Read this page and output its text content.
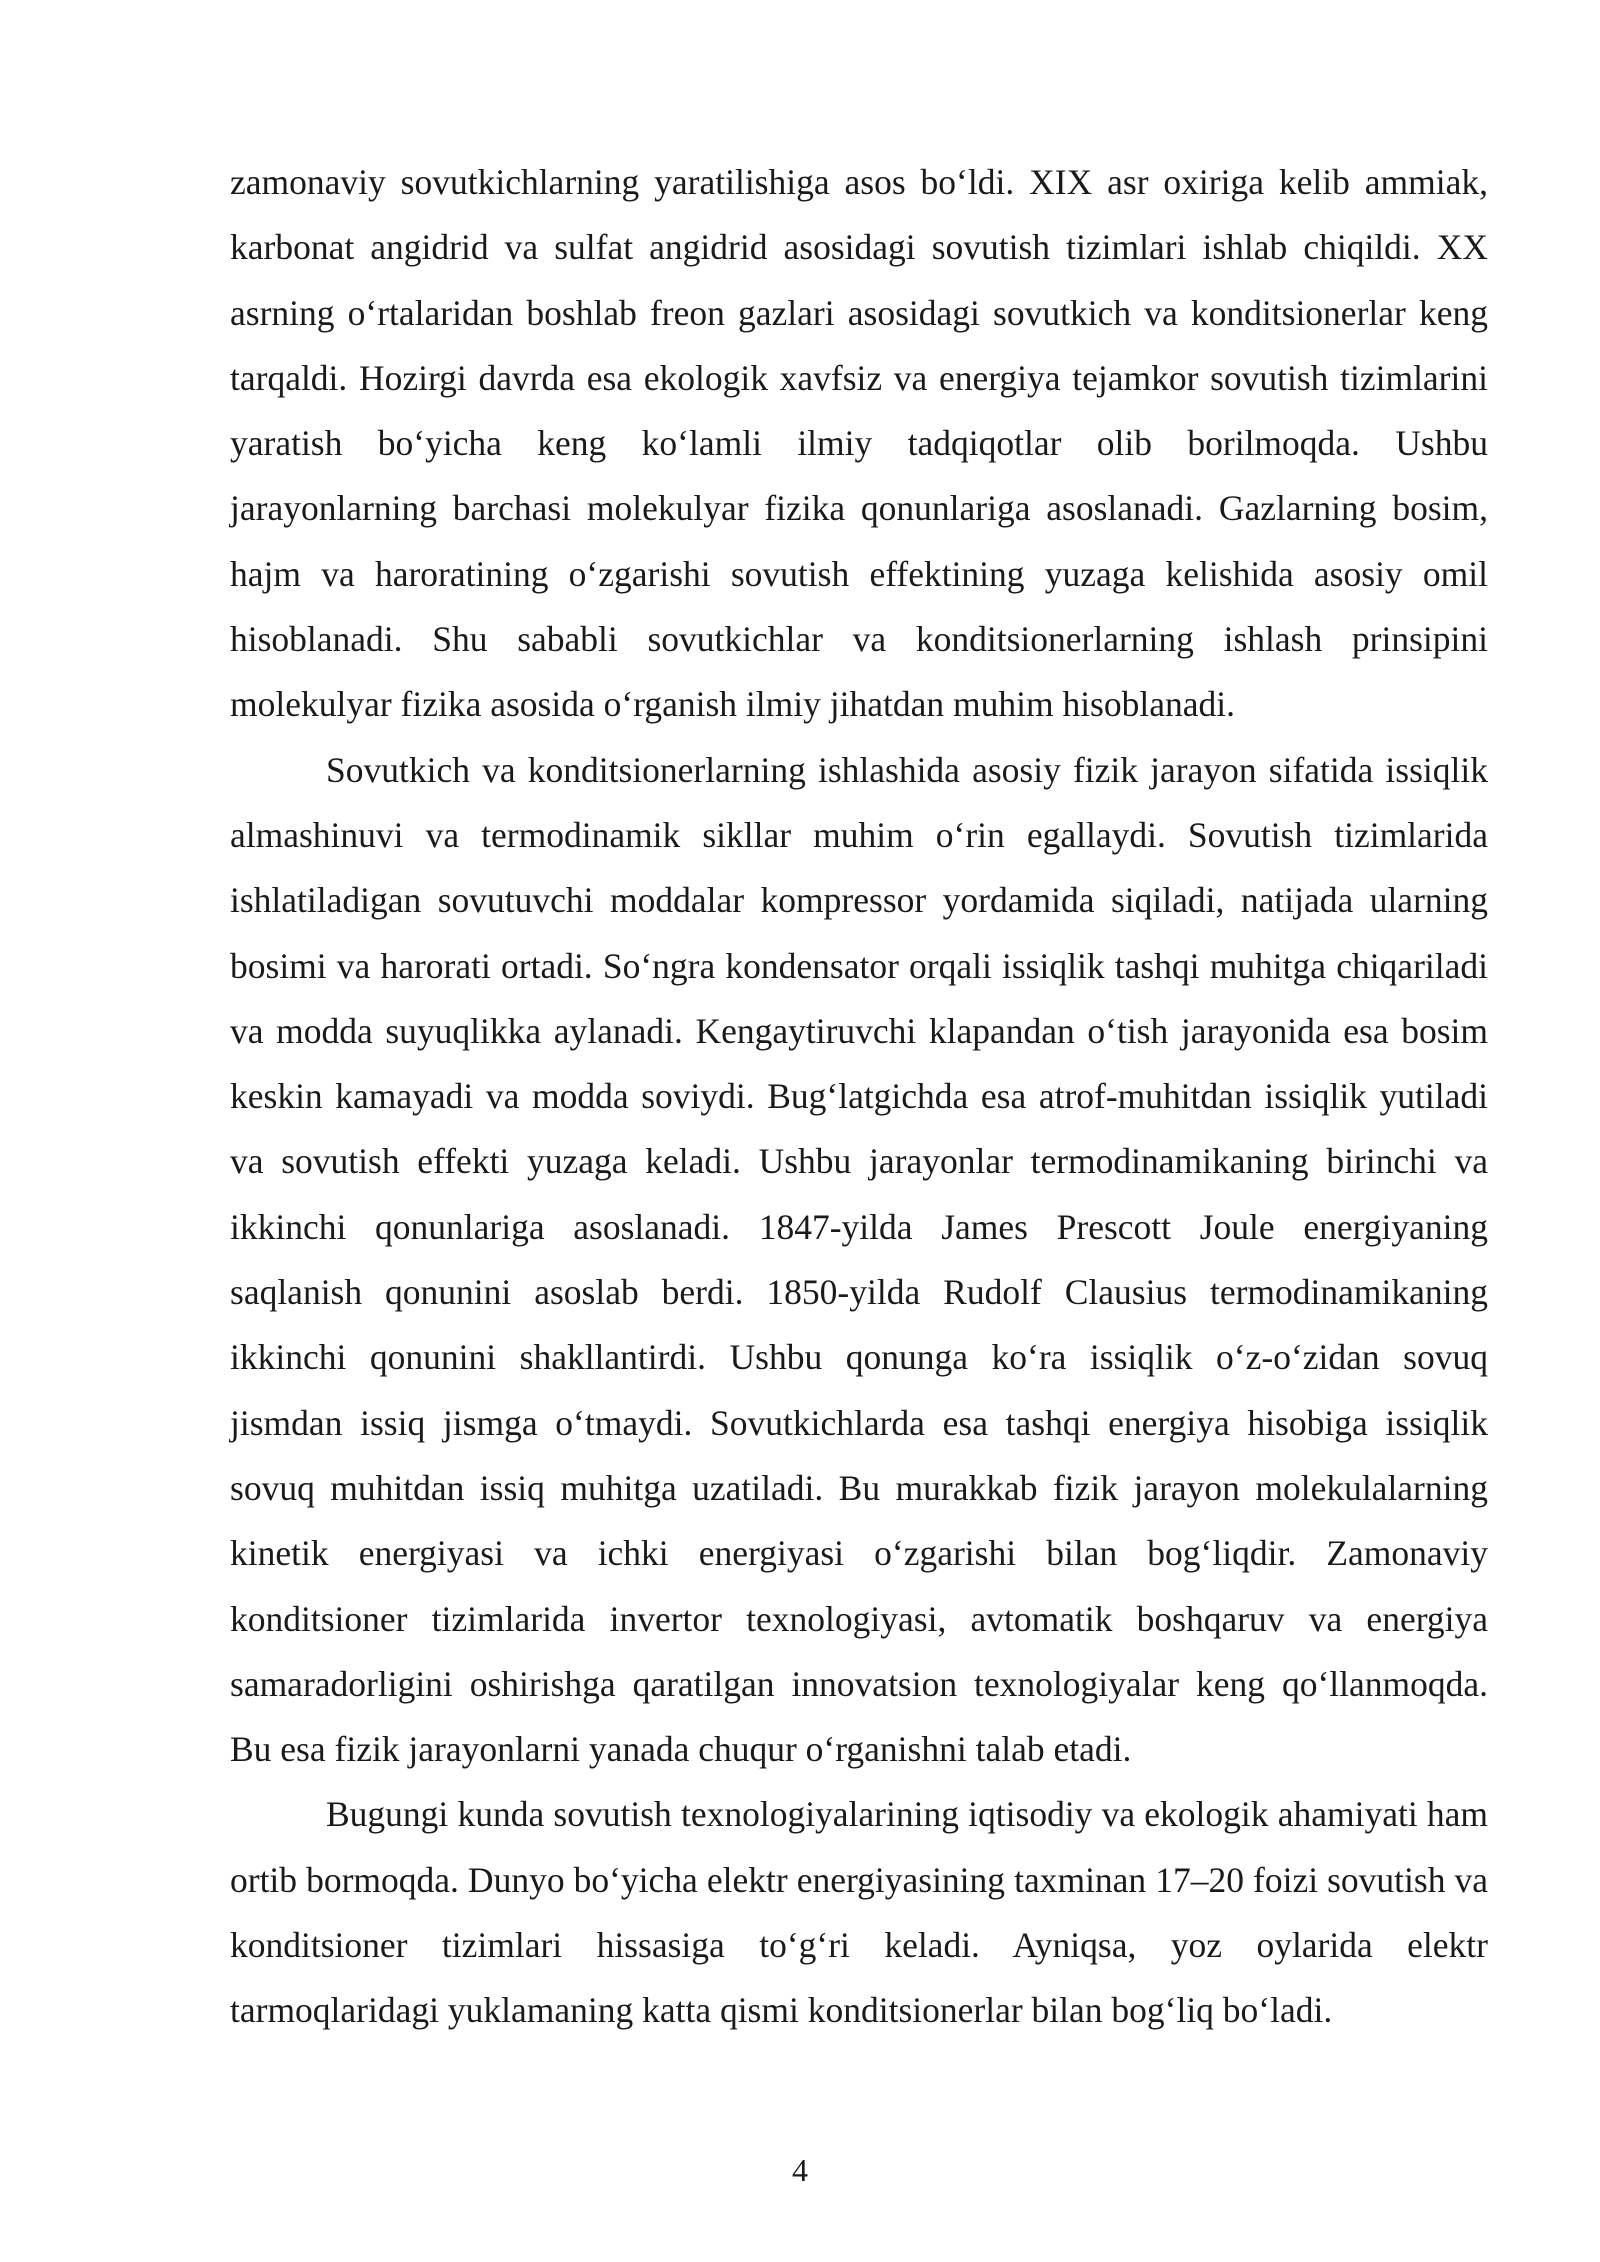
zamonaviy sovutkichlarning yaratilishiga asos bo‘ldi. XIX asr oxiriga kelib ammiak, karbonat angidrid va sulfat angidrid asosidagi sovutish tizimlari ishlab chiqildi. XX asrning o‘rtalaridan boshlab freon gazlari asosidagi sovutkich va konditsionerlar keng tarqaldi. Hozirgi davrda esa ekologik xavfsiz va energiya tejamkor sovutish tizimlarini yaratish bo‘yicha keng ko‘lamli ilmiy tadqiqotlar olib borilmoqda. Ushbu jarayonlarning barchasi molekulyar fizika qonunlariga asoslanadi. Gazlarning bosim, hajm va haroratining o‘zgarishi sovutish effektining yuzaga kelishida asosiy omil hisoblanadi. Shu sababli sovutkichlar va konditsionerlarning ishlash prinsipini molekulyar fizika asosida o‘rganish ilmiy jihatdan muhim hisoblanadi.

Sovutkich va konditsionerlarning ishlashida asosiy fizik jarayon sifatida issiqlik almashinuvi va termodinamik sikllar muhim o‘rin egallaydi. Sovutish tizimlarida ishlatiladigan sovutuvchi moddalar kompressor yordamida siqiladi, natijada ularning bosimi va harorati ortadi. So‘ngra kondensator orqali issiqlik tashqi muhitga chiqariladi va modda suyuqlikka aylanadi. Kengaytiruvchi klapandan o‘tish jarayonida esa bosim keskin kamayadi va modda soviydi. Bug‘latgichda esa atrof-muhitdan issiqlik yutiladi va sovutish effekti yuzaga keladi. Ushbu jarayonlar termodinamikaning birinchi va ikkinchi qonunlariga asoslanadi. 1847-yilda James Prescott Joule energiyaning saqlanish qonunini asoslab berdi. 1850-yilda Rudolf Clausius termodinamikaning ikkinchi qonunini shakllantirdi. Ushbu qonunga ko‘ra issiqlik o‘z-o‘zidan sovuq jismdan issiq jismga o‘tmaydi. Sovutkichlarda esa tashqi energiya hisobiga issiqlik sovuq muhitdan issiq muhitga uzatiladi. Bu murakkab fizik jarayon molekulalarning kinetik energiyasi va ichki energiyasi o‘zgarishi bilan bog‘liqdir. Zamonaviy konditsioner tizimlarida invertor texnologiyasi, avtomatik boshqaruv va energiya samaradorligini oshirishga qaratilgan innovatsion texnologiyalar keng qo‘llanmoqda. Bu esa fizik jarayonlarni yanada chuqur o‘rganishni talab etadi.

Bugungi kunda sovutish texnologiyalarining iqtisodiy va ekologik ahamiyati ham ortib bormoqda. Dunyo bo‘yicha elektr energiyasining taxminan 17–20 foizi sovutish va konditsioner tizimlari hissasiga to‘g‘ri keladi. Ayniqsa, yoz oylarida elektr tarmoqlaridagi yuklamaning katta qismi konditsionerlar bilan bog‘liq bo‘ladi.

4
